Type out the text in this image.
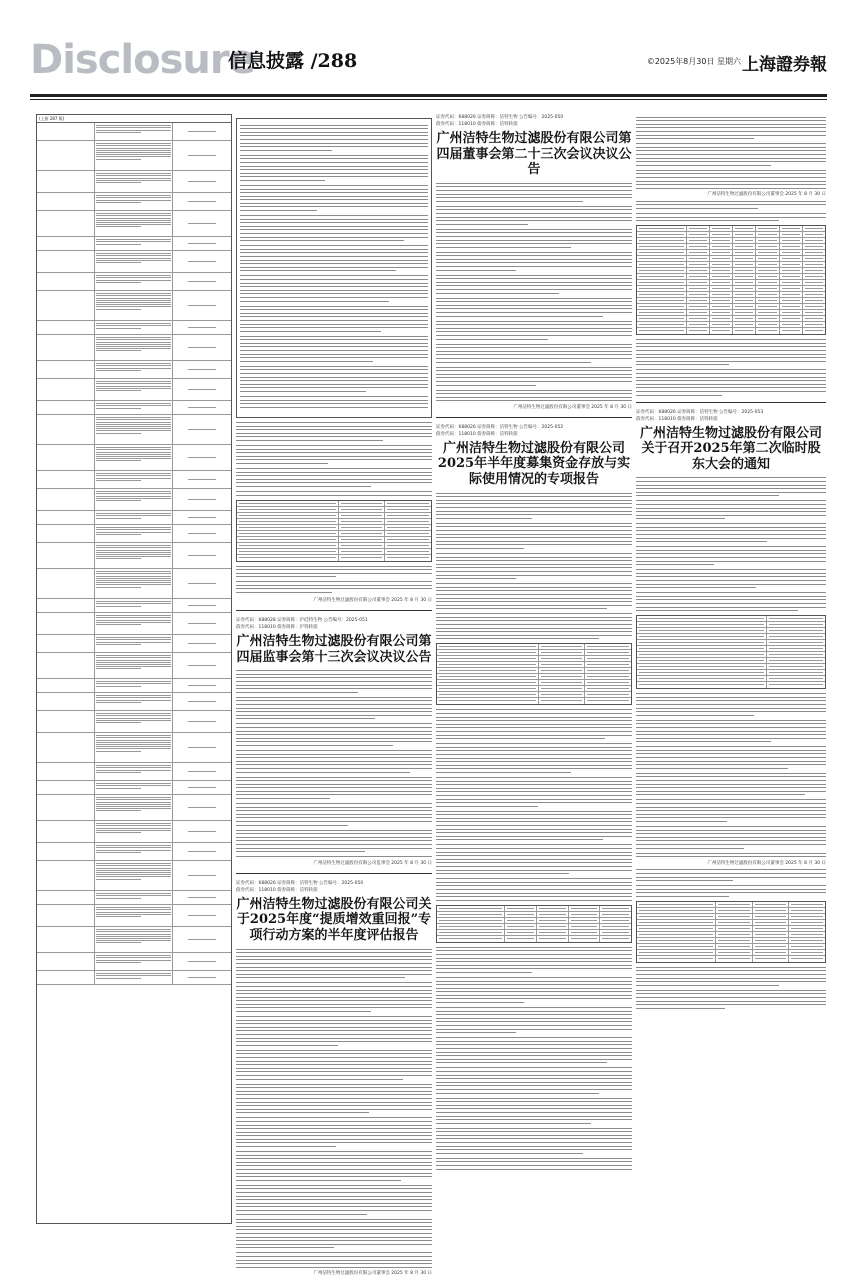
Disclosure
信息披露 /288	©2025年8月30日 星期六 上海證券報
(上接 287 版)
广州洁特生物过滤股份有限公司董事会 2025 年 8 月 30 日
证券代码：688028 证券简称：沪硅特生物 公告编号：2025-051
债券代码：118010 债券简称：沪特转债
广州洁特生物过滤股份有限公司第四届监事会第十三次会议决议公告
广州洁特生物过滤股份有限公司监事会 2025 年 8 月 30 日
证券代码：688026 证券简称：洁特生物 公告编号：2025-050
债券代码：118010 债券简称：洁特转债
广州洁特生物过滤股份有限公司关于2025年度“提质增效重回报”专项行动方案的半年度评估报告
广州洁特生物过滤股份有限公司董事会 2025 年 8 月 30 日
证券代码：688026 证券简称：洁特生物 公告编号：2025-050
债券代码：118010 债券简称：洁特转债
广州洁特生物过滤股份有限公司第四届董事会第二十三次会议决议公告
广州洁特生物过滤股份有限公司董事会 2025 年 8 月 30 日
证券代码：688026 证券简称：洁特生物 公告编号：2025-052
债券代码：118010 债券简称：洁特转债
广州洁特生物过滤股份有限公司2025年半年度募集资金存放与实际使用情况的专项报告
广州洁特生物过滤股份有限公司董事会 2025 年 8 月 30 日
证券代码：688026 证券简称：洁特生物 公告编号：2025-053
债券代码：118010 债券简称：洁特转债
广州洁特生物过滤股份有限公司关于召开2025年第二次临时股东大会的通知
广州洁特生物过滤股份有限公司董事会 2025 年 8 月 30 日
